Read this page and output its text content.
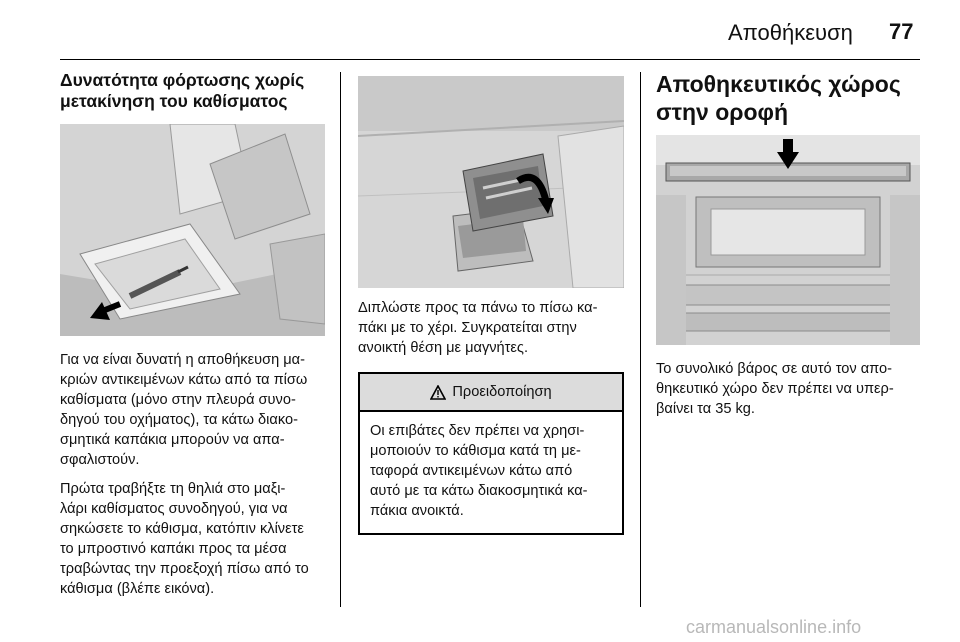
Αποθήκευση 77
Δυνατότητα φόρτωσης χωρίς
μετακίνηση του καθίσματος

Για να είναι δυνατή η αποθήκευση μα-
κριών αντικειμένων κάτω από τα πίσω
καθίσματα (μόνο στην πλευρά συνο-
δηγού του οχήματος), τα κάτω διακο-
σμητικά καπάκια μπορούν να απα-
σφαλιστούν.

Πρώτα τραβήξτε τη θηλιά στο μαξι-
λάρι καθίσματος συνοδηγού, για να
σηκώσετε το κάθισμα, κατόπιν κλίνετε
το μπροστινό καπάκι προς τα μέσα
τραβώντας την προεξοχή πίσω από το
κάθισμα (βλέπε εικόνα).

Διπλώστε προς τα πάνω το πίσω κα-
πάκι με το χέρι. Συγκρατείται στην
ανοικτή θέση με μαγνήτες.

Προειδοποίηση
Οι επιβάτες δεν πρέπει να χρησι-
μοποιούν το κάθισμα κατά τη με-
ταφορά αντικειμένων κάτω από
αυτό με τα κάτω διακοσμητικά κα-
πάκια ανοικτά.
Αποθηκευτικός χώρος
στην οροφή

Το συνολικό βάρος σε αυτό τον απο-
θηκευτικό χώρο δεν πρέπει να υπερ-
βαίνει τα 35 kg.

carmanualsonline.info
